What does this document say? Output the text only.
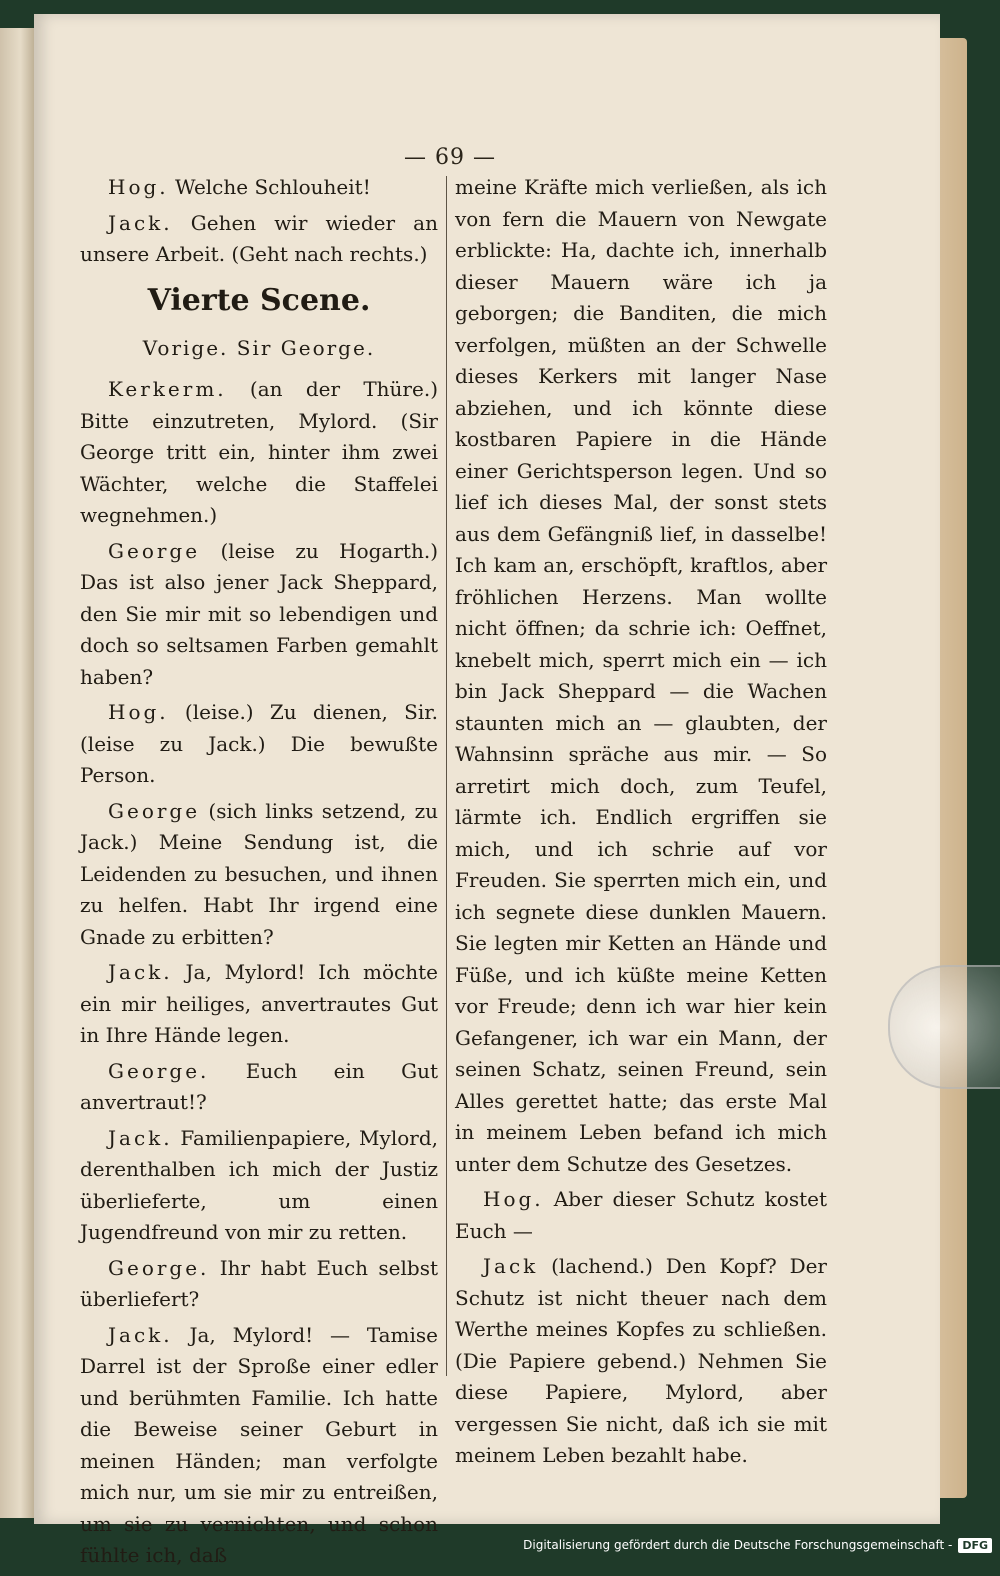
— 69 —

Hog. Welche Schlouheit!

Jack. Gehen wir wieder an unsere Arbeit. (Geht nach rechts.)

Vierte Scene.
Vorige. Sir George.

Kerkerm. (an der Thüre.) Bitte einzutreten, Mylord. (Sir George tritt ein, hinter ihm zwei Wächter, welche die Staffelei wegnehmen.)

George (leise zu Hogarth.) Das ist also jener Jack Sheppard, den Sie mir mit so lebendigen und doch so seltsamen Farben gemahlt haben?

Hog. (leise.) Zu dienen, Sir. (leise zu Jack.) Die bewußte Person.

George (sich links setzend, zu Jack.) Meine Sendung ist, die Leidenden zu besuchen, und ihnen zu helfen. Habt Ihr irgend eine Gnade zu erbitten?

Jack. Ja, Mylord! Ich möchte ein mir heiliges, anvertrautes Gut in Ihre Hände legen.

George. Euch ein Gut anvertraut!?

Jack. Familienpapiere, Mylord, derenthalben ich mich der Justiz überlieferte, um einen Jugendfreund von mir zu retten.

George. Ihr habt Euch selbst überliefert?

Jack. Ja, Mylord! — Tamise Darrel ist der Sproße einer edler und berühmten Familie. Ich hatte die Beweise seiner Geburt in meinen Händen; man verfolgte mich nur, um sie mir zu entreißen, um sie zu vernichten, und schon fühlte ich, daß

meine Kräfte mich verließen, als ich von fern die Mauern von Newgate erblickte: Ha, dachte ich, innerhalb dieser Mauern wäre ich ja geborgen; die Banditen, die mich verfolgen, müßten an der Schwelle dieses Kerkers mit langer Nase abziehen, und ich könnte diese kostbaren Papiere in die Hände einer Gerichtsperson legen. Und so lief ich dieses Mal, der sonst stets aus dem Gefängniß lief, in dasselbe! Ich kam an, erschöpft, kraftlos, aber fröhlichen Herzens. Man wollte nicht öffnen; da schrie ich: Oeffnet, knebelt mich, sperrt mich ein — ich bin Jack Sheppard — die Wachen staunten mich an — glaubten, der Wahnsinn spräche aus mir. — So arretirt mich doch, zum Teufel, lärmte ich. Endlich ergriffen sie mich, und ich schrie auf vor Freuden. Sie sperrten mich ein, und ich segnete diese dunklen Mauern. Sie legten mir Ketten an Hände und Füße, und ich küßte meine Ketten vor Freude; denn ich war hier kein Gefangener, ich war ein Mann, der seinen Schatz, seinen Freund, sein Alles gerettet hatte; das erste Mal in meinem Leben befand ich mich unter dem Schutze des Gesetzes.

Hog. Aber dieser Schutz kostet Euch —

Jack (lachend.) Den Kopf? Der Schutz ist nicht theuer nach dem Werthe meines Kopfes zu schließen. (Die Papiere gebend.) Nehmen Sie diese Papiere, Mylord, aber vergessen Sie nicht, daß ich sie mit meinem Leben bezahlt habe.

Digitalisierung gefördert durch die Deutsche Forschungsgemeinschaft - DFG
